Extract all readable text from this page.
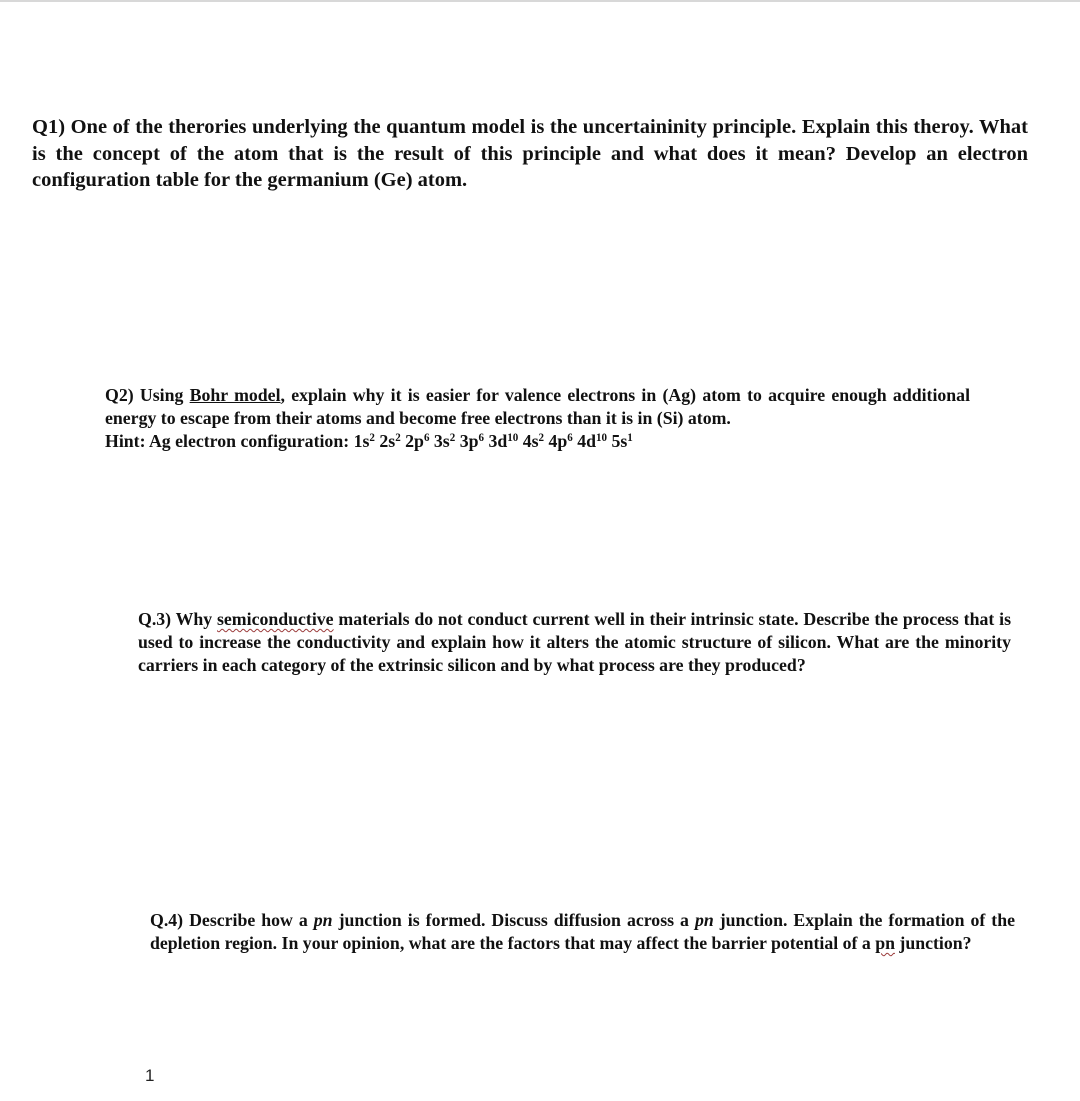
Q1) One of the therories underlying the quantum model is the uncertaininity principle. Explain this theroy. What is the concept of the atom that is the result of this principle and what does it mean? Develop an electron configuration table for the germanium (Ge) atom.
Q2) Using Bohr model, explain why it is easier for valence electrons in (Ag) atom to acquire enough additional energy to escape from their atoms and become free electrons than it is in (Si) atom.
Hint: Ag electron configuration: $1s^2$ $2s^2$ $2p^6$ $3s^2$ $3p^6$ $3d^{10}$ $4s^2$ $4p^6$ $4d^{10}$ $5s^1$
Q.3) Why semiconductive materials do not conduct current well in their intrinsic state. Describe the process that is used to increase the conductivity and explain how it alters the atomic structure of silicon. What are the minority carriers in each category of the extrinsic silicon and by what process are they produced?
Q.4) Describe how a pn junction is formed. Discuss diffusion across a pn junction. Explain the formation of the depletion region. In your opinion, what are the factors that may affect the barrier potential of a pn junction?
1
